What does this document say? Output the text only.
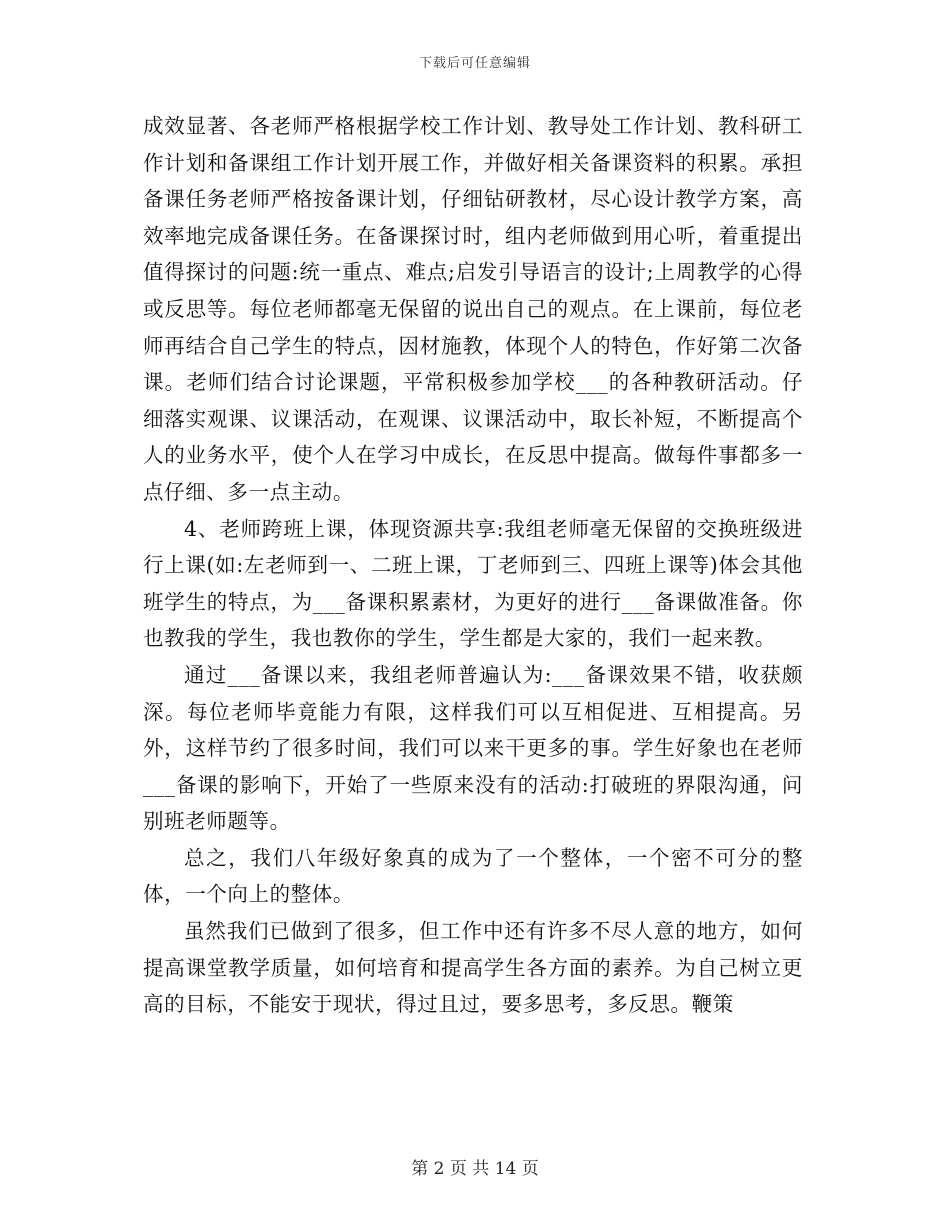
下载后可任意编辑

成效显著、各老师严格根据学校工作计划、教导处工作计划、教科研工作计划和备课组工作计划开展工作，并做好相关备课资料的积累。承担备课任务老师严格按备课计划，仔细钻研教材，尽心设计教学方案，高效率地完成备课任务。在备课探讨时，组内老师做到用心听，着重提出值得探讨的问题:统一重点、难点;启发引导语言的设计;上周教学的心得或反思等。每位老师都毫无保留的说出自己的观点。在上课前，每位老师再结合自己学生的特点，因材施教，体现个人的特色，作好第二次备课。老师们结合讨论课题，平常积极参加学校___的各种教研活动。仔细落实观课、议课活动，在观课、议课活动中，取长补短，不断提高个人的业务水平，使个人在学习中成长，在反思中提高。做每件事都多一点仔细、多一点主动。

4、老师跨班上课，体现资源共享:我组老师毫无保留的交换班级进行上课(如:左老师到一、二班上课，丁老师到三、四班上课等)体会其他班学生的特点，为___备课积累素材，为更好的进行___备课做准备。你也教我的学生，我也教你的学生，学生都是大家的，我们一起来教。

通过___备课以来，我组老师普遍认为:___备课效果不错，收获颇深。每位老师毕竟能力有限，这样我们可以互相促进、互相提高。另外，这样节约了很多时间，我们可以来干更多的事。学生好象也在老师___备课的影响下，开始了一些原来没有的活动:打破班的界限沟通，问别班老师题等。

总之，我们八年级好象真的成为了一个整体，一个密不可分的整体，一个向上的整体。

虽然我们已做到了很多，但工作中还有许多不尽人意的地方，如何提高课堂教学质量，如何培育和提高学生各方面的素养。为自己树立更高的目标，不能安于现状，得过且过，要多思考，多反思。鞭策

第 2 页 共 14 页
